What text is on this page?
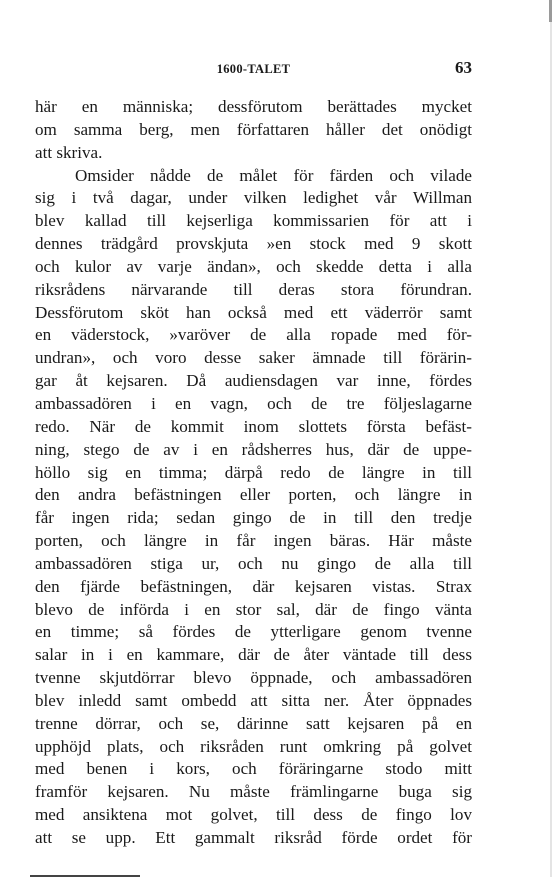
1600-TALET	63
här en människa; dessförutom berättades mycket
om samma berg, men författaren håller det onödigt
att skriva.
Omsider nådde de målet för färden och vilade
sig i två dagar, under vilken ledighet vår Willman
blev kallad till kejserliga kommissarien för att i
dennes trädgård provskjuta »en stock med 9 skott
och kulor av varje ändan», och skedde detta i alla
riksrådens närvarande till deras stora förundran.
Dessförutom sköt han också med ett väderrör samt
en väderstock, »varöver de alla ropade med för-
undran», och voro desse saker ämnade till förärin-
gar åt kejsaren. Då audiensdagen var inne, fördes
ambassadören i en vagn, och de tre följeslagarne
redo. När de kommit inom slottets första befäst-
ning, stego de av i en rådsherres hus, där de uppe-
höllo sig en timma; därpå redo de längre in till
den andra befästningen eller porten, och längre in
får ingen rida; sedan gingo de in till den tredje
porten, och längre in får ingen bäras. Här måste
ambassadören stiga ur, och nu gingo de alla till
den fjärde befästningen, där kejsaren vistas. Strax
blevo de införda i en stor sal, där de fingo vänta
en timme; så fördes de ytterligare genom tvenne
salar in i en kammare, där de åter väntade till dess
tvenne skjutdörrar blevo öppnade, och ambassadören
blev inledd samt ombedd att sitta ner. Åter öppnades
trenne dörrar, och se, därinne satt kejsaren på en
upphöjd plats, och riksråden runt omkring på golvet
med benen i kors, och föräringarne stodo mitt
framför kejsaren. Nu måste främlingarne buga sig
med ansiktena mot golvet, till dess de fingo lov
att se upp. Ett gammalt riksråd förde ordet för
